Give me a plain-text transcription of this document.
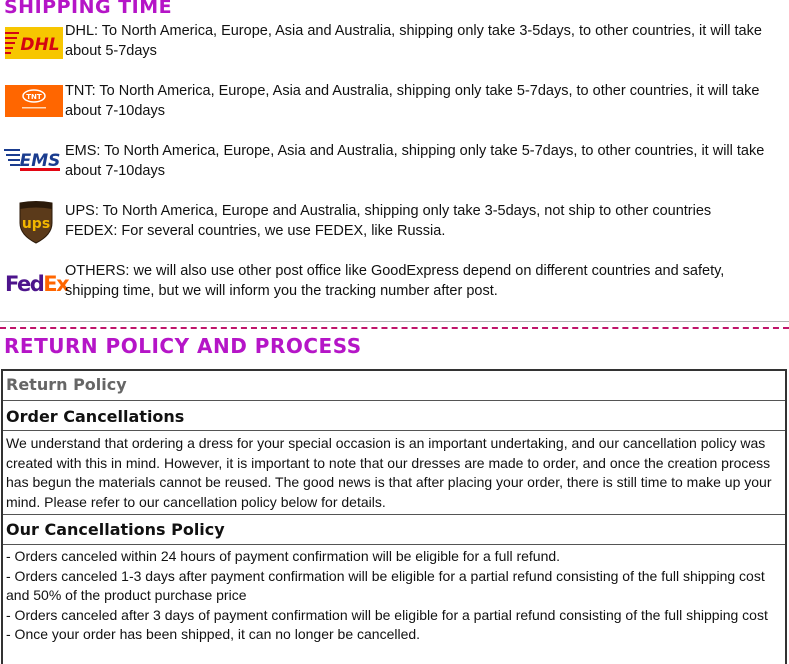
SHIPPING TIME
DHL
DHL: To North America, Europe, Asia and Australia, shipping only take 3-5days, to other countries, it will take about 5-7days
TNT TNT: To North America, Europe, Asia and Australia, shipping only take 5-7days, to other countries, it will take about 7-10days
EMS EMS: To North America, Europe, Asia and Australia, shipping only take 5-7days, to other countries, it will take about 7-10days
ups
UPS: To North America, Europe and Australia, shipping only take 3-5days, not ship to other countries
FEDEX: For several countries, we use FEDEX, like Russia.
FedEx
OTHERS: we will also use other post office like GoodExpress depend on different countries and safety,
shipping time, but we will inform you the tracking number after post.
RETURN POLICY AND PROCESS
Return Policy
Order Cancellations
We understand that ordering a dress for your special occasion is an important undertaking, and our cancellation policy was created with this in mind. However, it is important to note that our dresses are made to order, and once the creation process has begun the materials cannot be reused. The good news is that after placing your order, there is still time to make up your mind. Please refer to our cancellation policy below for details.
Our Cancellations Policy
- Orders canceled within 24 hours of payment confirmation will be eligible for a full refund.
- Orders canceled 1-3 days after payment confirmation will be eligible for a partial refund consisting of the full shipping cost and 50% of the product purchase price
- Orders canceled after 3 days of payment confirmation will be eligible for a partial refund consisting of the full shipping cost
- Once your order has been shipped, it can no longer be cancelled.
